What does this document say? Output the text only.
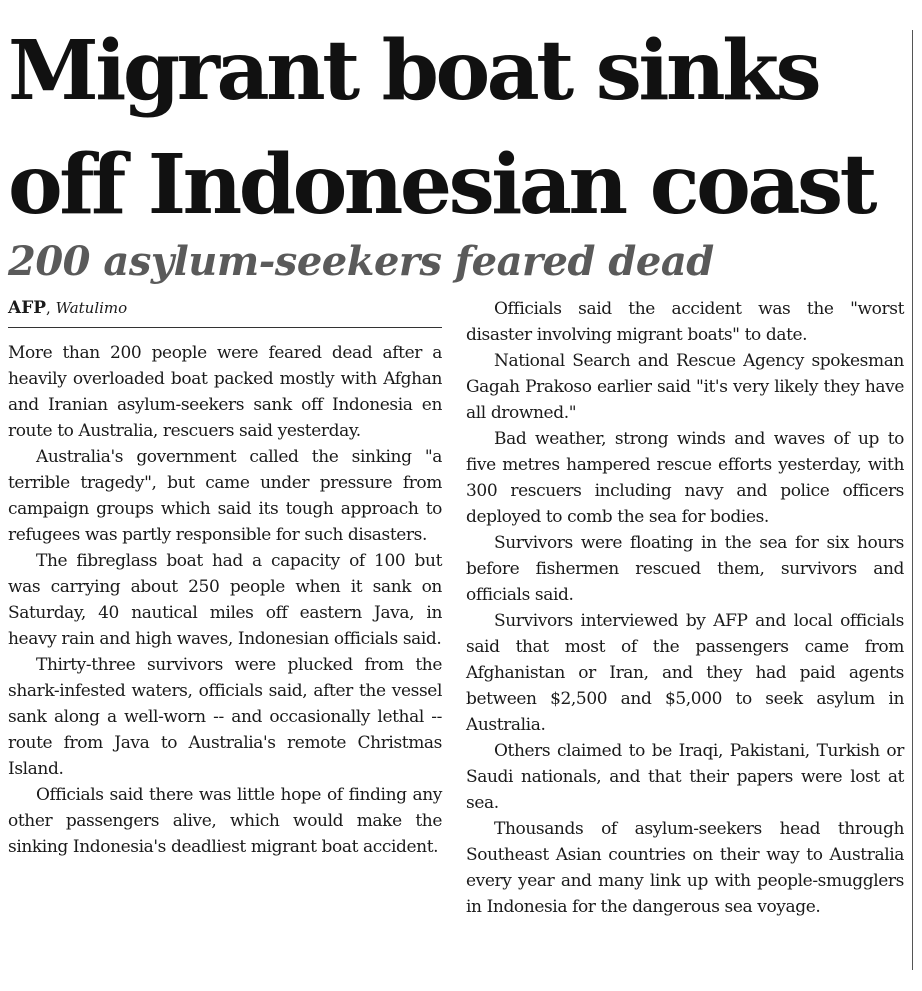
Migrant boat sinks
off Indonesian coast
200 asylum-seekers feared dead
AFP, Watulimo

More than 200 people were feared dead after a heavily overloaded boat packed mostly with Afghan and Iranian asylum-seekers sank off Indonesia en route to Australia, rescuers said yesterday.

Australia's government called the sinking "a terrible tragedy", but came under pressure from campaign groups which said its tough approach to refugees was partly responsible for such disasters.

The fibreglass boat had a capacity of 100 but was carrying about 250 people when it sank on Saturday, 40 nautical miles off eastern Java, in heavy rain and high waves, Indonesian officials said.

Thirty-three survivors were plucked from the shark-infested waters, officials said, after the vessel sank along a well-worn -- and occasionally lethal -- route from Java to Australia's remote Christmas Island.

Officials said there was little hope of finding any other passengers alive, which would make the sinking Indonesia's deadliest migrant boat accident.

Officials said the accident was the "worst disaster involving migrant boats" to date.

National Search and Rescue Agency spokesman Gagah Prakoso earlier said "it's very likely they have all drowned."

Bad weather, strong winds and waves of up to five metres hampered rescue efforts yesterday, with 300 rescuers including navy and police officers deployed to comb the sea for bodies.

Survivors were floating in the sea for six hours before fishermen rescued them, survivors and officials said.

Survivors interviewed by AFP and local officials said that most of the passengers came from Afghanistan or Iran, and they had paid agents between $2,500 and $5,000 to seek asylum in Australia.

Others claimed to be Iraqi, Pakistani, Turkish or Saudi nationals, and that their papers were lost at sea.

Thousands of asylum-seekers head through Southeast Asian countries on their way to Australia every year and many link up with people-smugglers in Indonesia for the dangerous sea voyage.
